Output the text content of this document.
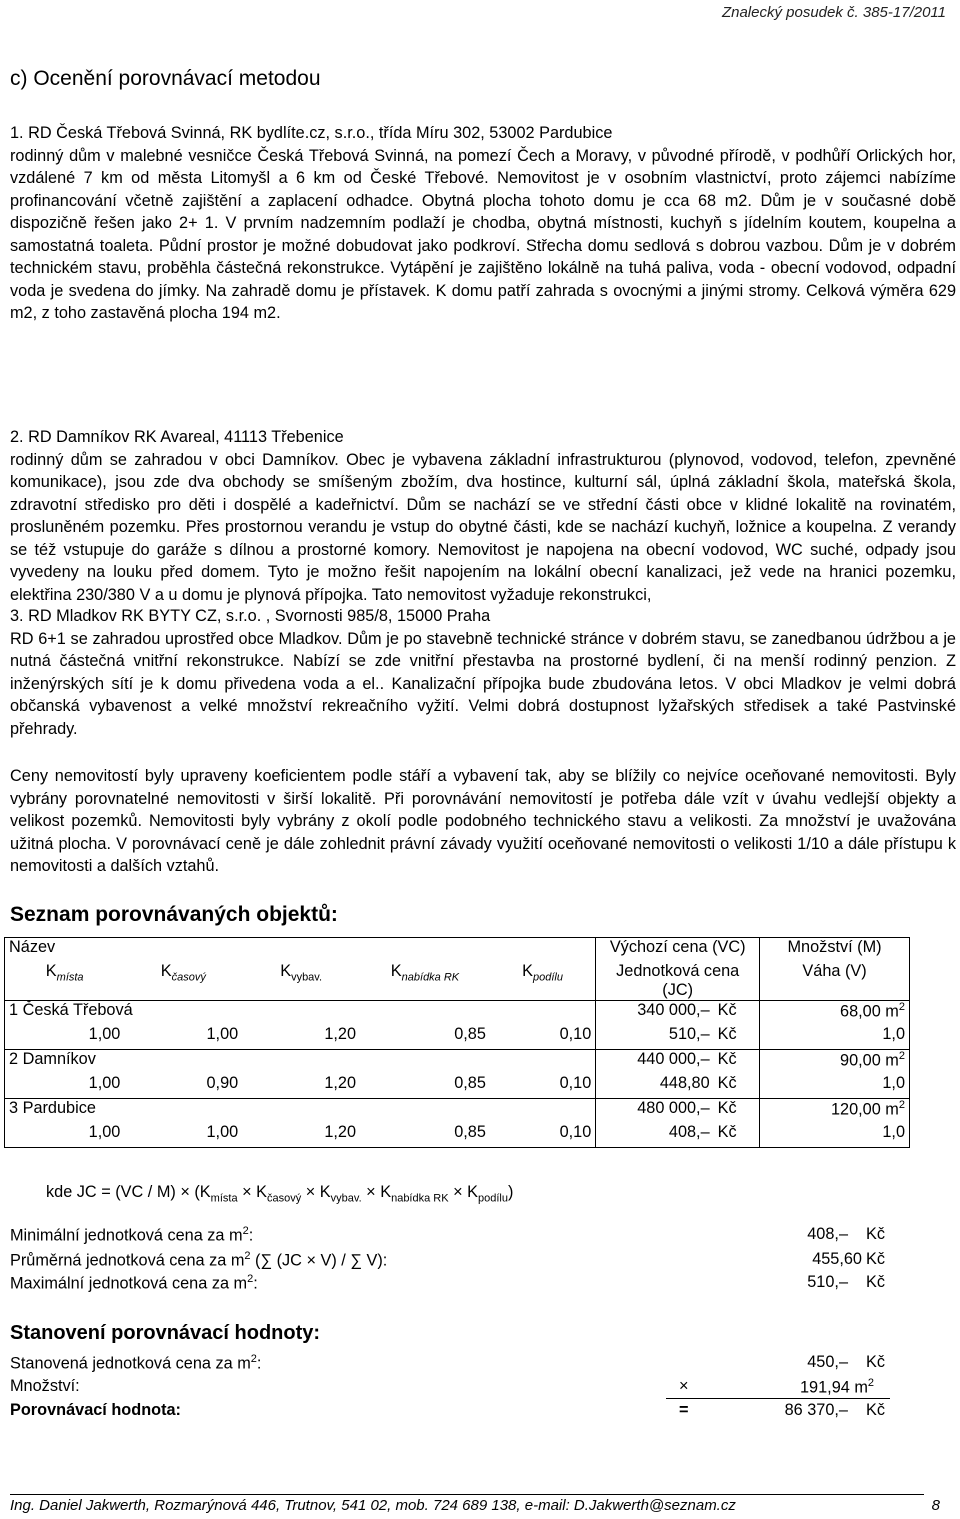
Znalecký posudek č. 385-17/2011
c) Ocenění porovnávací metodou

1. RD Česká Třebová Svinná, RK bydlíte.cz, s.r.o., třída Míru 302, 53002 Pardubice

rodinný dům v malebné vesničce Česká Třebová Svinná, na pomezí Čech a Moravy, v původné přírodě, v podhůří Orlických hor, vzdálené 7 km od města Litomyšl a 6 km od České Třebové. Nemovitost je v osobním vlastnictví, proto zájemci nabízíme profinancování včetně zajištění a zaplacení odhadce. Obytná plocha tohoto domu je cca 68 m2. Dům je v současné době dispozičně řešen jako 2+ 1. V prvním nadzemním podlaží je chodba, obytná místnosti, kuchyň s jídelním koutem, koupelna a samostatná toaleta. Půdní prostor je možné dobudovat jako podkroví. Střecha domu sedlová s dobrou vazbou. Dům je v dobrém technickém stavu, proběhla částečná rekonstrukce. Vytápění je zajištěno lokálně na tuhá paliva, voda - obecní vodovod, odpadní voda je svedena do jímky. Na zahradě domu je přístavek. K domu patří zahrada s ovocnými a jinými stromy. Celková výměra 629 m2, z toho zastavěná plocha 194 m2.

2. RD Damníkov RK Avareal, 41113 Třebenice

rodinný dům se zahradou v obci Damníkov. Obec je vybavena základní infrastrukturou (plynovod, vodovod, telefon, zpevněné komunikace), jsou zde dva obchody se smíšeným zbožím, dva hostince, kulturní sál, úplná základní škola, mateřská škola, zdravotní středisko pro děti i dospělé a kadeřnictví. Dům se nachází se ve střední části obce v klidné lokalitě na rovinatém, prosluněném pozemku. Přes prostornou verandu je vstup do obytné části, kde se nachází kuchyň, ložnice a koupelna. Z verandy se též vstupuje do garáže s dílnou a prostorné komory. Nemovitost je napojena na obecní vodovod, WC suché, odpady jsou vyvedeny na louku před domem. Tyto je možno řešit napojením na lokální obecní kanalizaci, jež vede na hranici pozemku, elektřina 230/380 V a u domu je plynová přípojka. Tato nemovitost vyžaduje rekonstrukci,

3. RD Mladkov RK BYTY CZ, s.r.o. , Svornosti 985/8, 15000 Praha

RD 6+1 se zahradou uprostřed obce Mladkov. Dům je po stavebně technické stránce v dobrém stavu, se zanedbanou údržbou a je nutná částečná vnitřní rekonstrukce. Nabízí se zde vnitřní přestavba na prostorné bydlení, či na menší rodinný penzion. Z inženýrských sítí je k domu přivedena voda a el.. Kanalizační přípojka bude zbudována letos. V obci Mladkov je velmi dobrá občanská vybavenost a velké množství rekreačního vyžití. Velmi dobrá dostupnost lyžařských středisek a také Pastvinské přehrady.

Ceny nemovitostí byly upraveny koeficientem podle stáří a vybavení tak, aby se blížily co nejvíce oceňované nemovitosti. Byly vybrány porovnatelné nemovitosti v širší lokalitě. Při porovnávání nemovitostí je potřeba dále vzít v úvahu vedlejší objekty a velikost pozemků. Nemovitosti byly vybrány z okolí podle podobného technického stavu a velikosti. Za množství je uvažována užitná plocha. V porovnávací ceně je dále zohlednit právní závady využití oceňované nemovitosti o velikosti 1/10 a dále přístupu k nemovitosti a dalších vztahů.

Seznam porovnávaných objektů:
Název					Výchozí cena (VC)		Množství (M)
$K_{místa}$	$K_{časový}$	$K_{vybav.}$	$K_{nabídka RK}$	$K_{podílu}$	Jednotková cena (JC)		Váha (V)
1 Česká Třebová					340 000,–	Kč	68,00 $m^2$
1,00	1,00	1,20	0,85	0,10	510,–	Kč	1,0
2 Damníkov					440 000,–	Kč	90,00 $m^2$
1,00	0,90	1,20	0,85	0,10	448,80	Kč	1,0
3 Pardubice					480 000,–	Kč	120,00 $m^2$
1,00	1,00	1,20	0,85	0,10	408,–	Kč	1,0
kde JC = $(VC / M) \times (K_{místa} \times K_{časový} \times K_{vybav.} \times K_{nabídka RK} \times K_{podílu})$
Minimální jednotková cena za $m^2$:	408,– Kč
Průměrná jednotková cena za $m^2$ (∑ (JC × V) / ∑ V):	455,60 Kč
Maximální jednotková cena za $m^2$:	510,– Kč
Stanovení porovnávací hodnoty:
Stanovená jednotková cena za $m^2$:	450,– Kč
Množství:	×	191,94 $m^2$
Porovnávací hodnota:	=	86 370,– Kč
Ing. Daniel Jakwerth, Rozmarýnová 446, Trutnov, 541 02, mob. 724 689 138, e-mail: D.Jakwerth@seznam.cz	8
